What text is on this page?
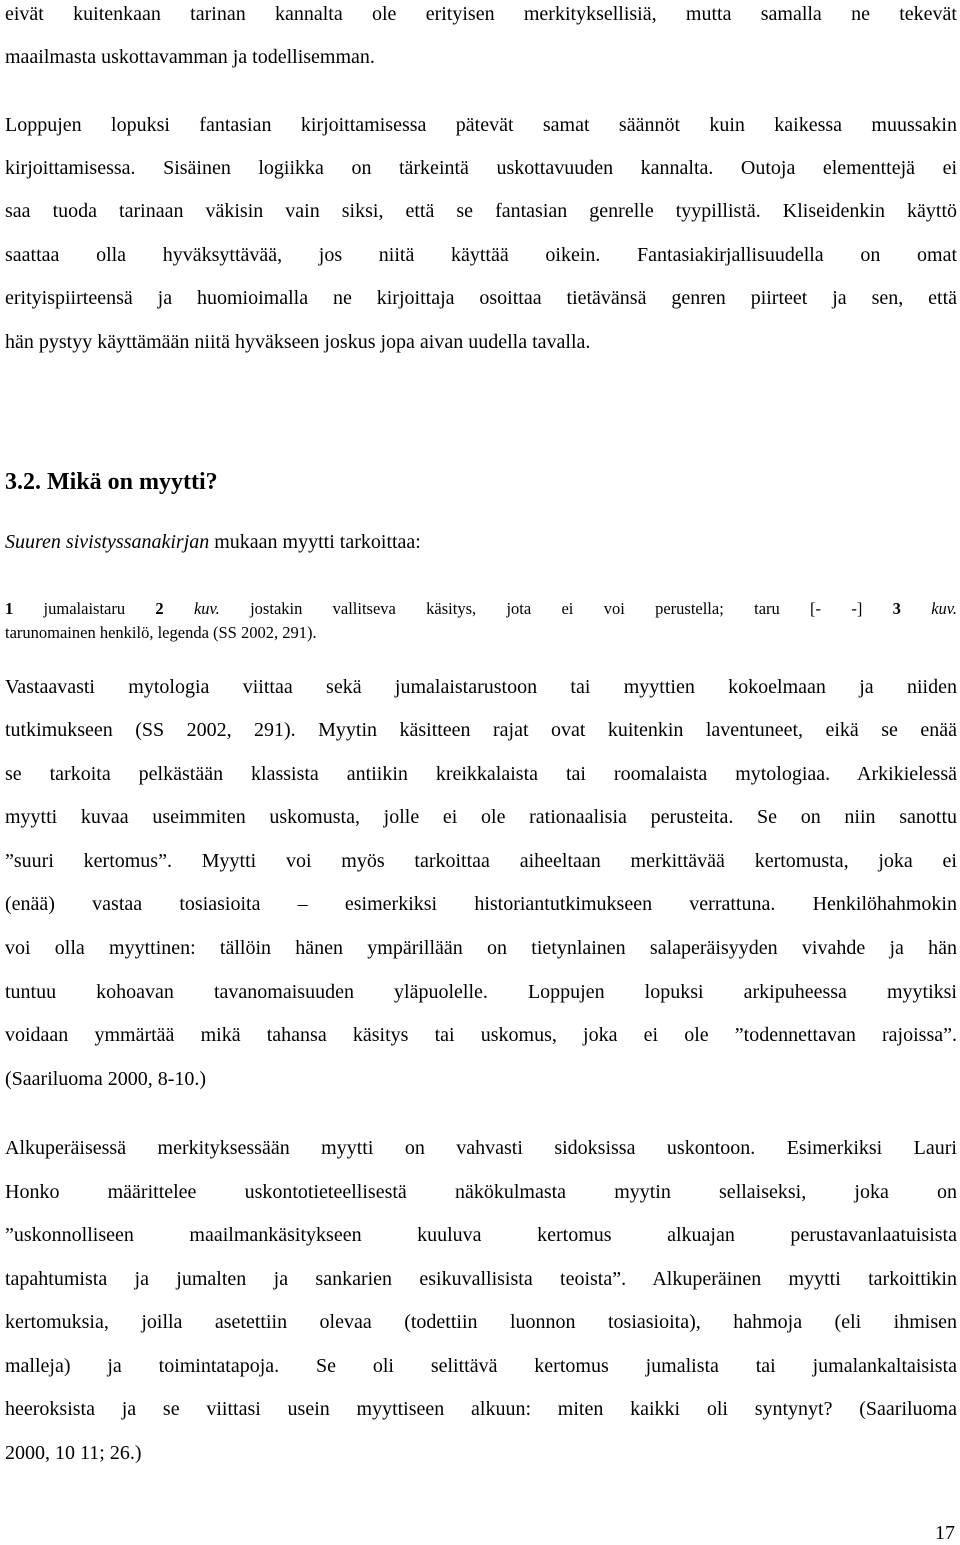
eivät kuitenkaan tarinan kannalta ole erityisen merkityksellisiä, mutta samalla ne tekevät
maailmasta uskottavamman ja todellisemman.
Loppujen lopuksi fantasian kirjoittamisessa pätevät samat säännöt kuin kaikessa muussakin
kirjoittamisessa. Sisäinen logiikka on tärkeintä uskottavuuden kannalta. Outoja elementtejä ei
saa tuoda tarinaan väkisin vain siksi, että se fantasian genrelle tyypillistä. Kliseidenkin käyttö
saattaa olla hyväksyttävää, jos niitä käyttää oikein. Fantasiakirjallisuudella on omat
erityispiirteensä ja huomioimalla ne kirjoittaja osoittaa tietävänsä genren piirteet ja sen, että
hän pystyy käyttämään niitä hyväkseen joskus jopa aivan uudella tavalla.
3.2. Mikä on myytti?
Suuren sivistyssanakirjan mukaan myytti tarkoittaa:
1 jumalaistaru 2 kuv. jostakin vallitseva käsitys, jota ei voi perustella; taru [- -] 3 kuv.
tarunomainen henkilö, legenda (SS 2002, 291).
Vastaavasti mytologia viittaa sekä jumalaistarustoon tai myyttien kokoelmaan ja niiden
tutkimukseen (SS 2002, 291). Myytin käsitteen rajat ovat kuitenkin laventuneet, eikä se enää
se tarkoita pelkästään klassista antiikin kreikkalaista tai roomalaista mytologiaa. Arkikielessä
myytti kuvaa useimmiten uskomusta, jolle ei ole rationaalisia perusteita. Se on niin sanottu
”suuri kertomus”. Myytti voi myös tarkoittaa aiheeltaan merkittävää kertomusta, joka ei
(enää) vastaa tosiasioita – esimerkiksi historiantutkimukseen verrattuna. Henkilöhahmokin
voi olla myyttinen: tällöin hänen ympärillään on tietynlainen salaperäisyyden vivahde ja hän
tuntuu kohoavan tavanomaisuuden yläpuolelle. Loppujen lopuksi arkipuheessa myytiksi
voidaan ymmärtää mikä tahansa käsitys tai uskomus, joka ei ole ”todennettavan rajoissa”.
(Saariluoma 2000, 8-10.)
Alkuperäisessä merkityksessään myytti on vahvasti sidoksissa uskontoon. Esimerkiksi Lauri
Honko määrittelee uskontotieteellisestä näkökulmasta myytin sellaiseksi, joka on
”uskonnolliseen maailmankäsitykseen kuuluva kertomus alkuajan perustavanlaatuisista
tapahtumista ja jumalten ja sankarien esikuvallisista teoista”. Alkuperäinen myytti tarkoittikin
kertomuksia, joilla asetettiin olevaa (todettiin luonnon tosiasioita), hahmoja (eli ihmisen
malleja) ja toimintatapoja. Se oli selittävä kertomus jumalista tai jumalankaltaisista
heeroksista ja se viittasi usein myyttiseen alkuun: miten kaikki oli syntynyt? (Saariluoma
2000, 10 11; 26.)
17
